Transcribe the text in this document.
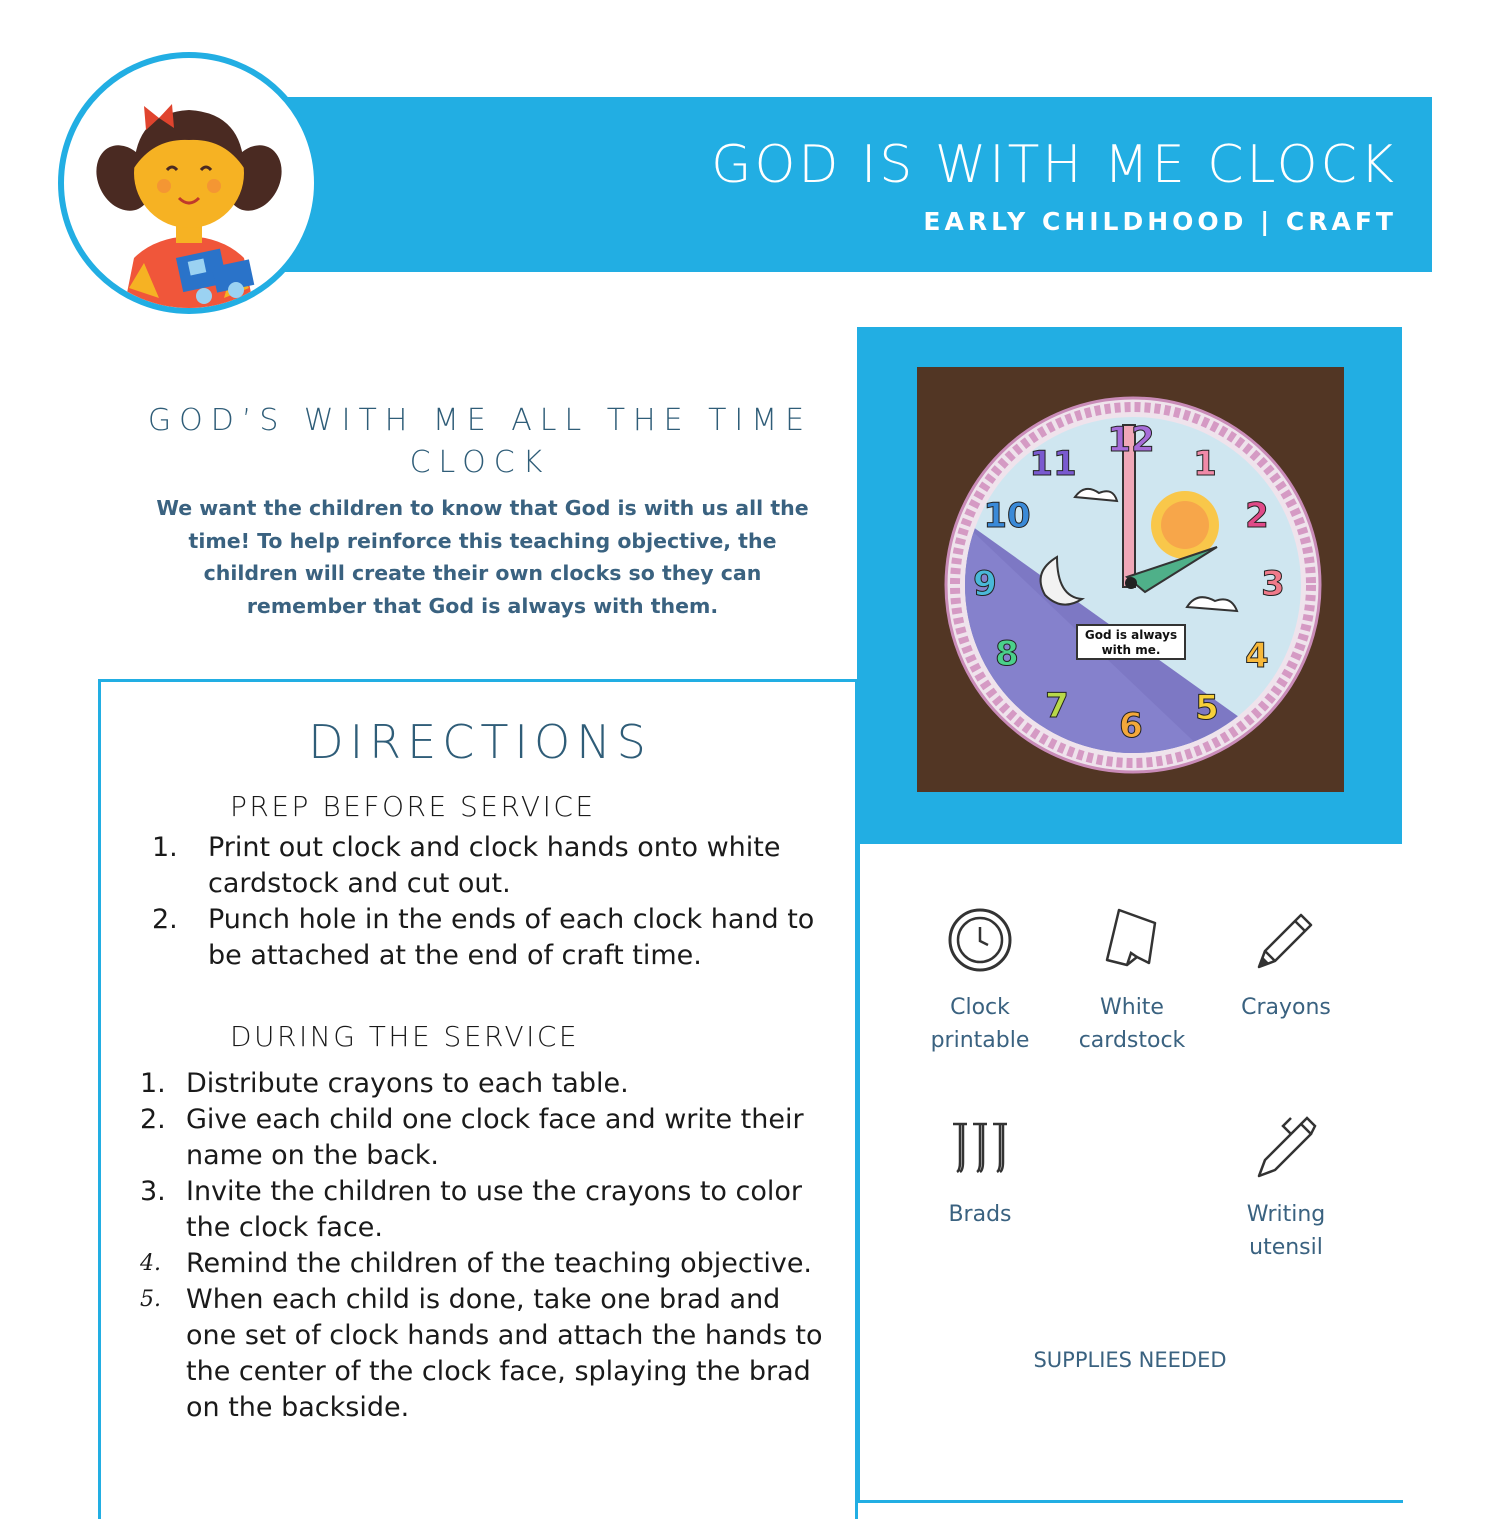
GOD IS WITH ME CLOCK
EARLY CHILDHOOD | CRAFT
GOD’S WITH ME ALL THE TIME CLOCK
We want the children to know that God is with us all the time! To help reinforce this teaching objective, the children will create their own clocks so they can remember that God is always with them.
DIRECTIONS
PREP BEFORE SERVICE
1. Print out clock and clock hands onto white cardstock and cut out.
2. Punch hole in the ends of each clock hand to be attached at the end of craft time.
DURING THE SERVICE
1. Distribute crayons to each table.
2. Give each child one clock face and write their name on the back.
3. Invite the children to use the crayons to color the clock face.
4. Remind the children of the teaching objective.
5. When each child is done, take one brad and one set of clock hands and attach the hands to the center of the clock face, splaying the brad on the backside.
God is always
with me.
12
1
2
3
4
5
6
7
8
9
10
11
Clock
printable
White
cardstock
Crayons
Brads	Writing
utensil
SUPPLIES NEEDED
